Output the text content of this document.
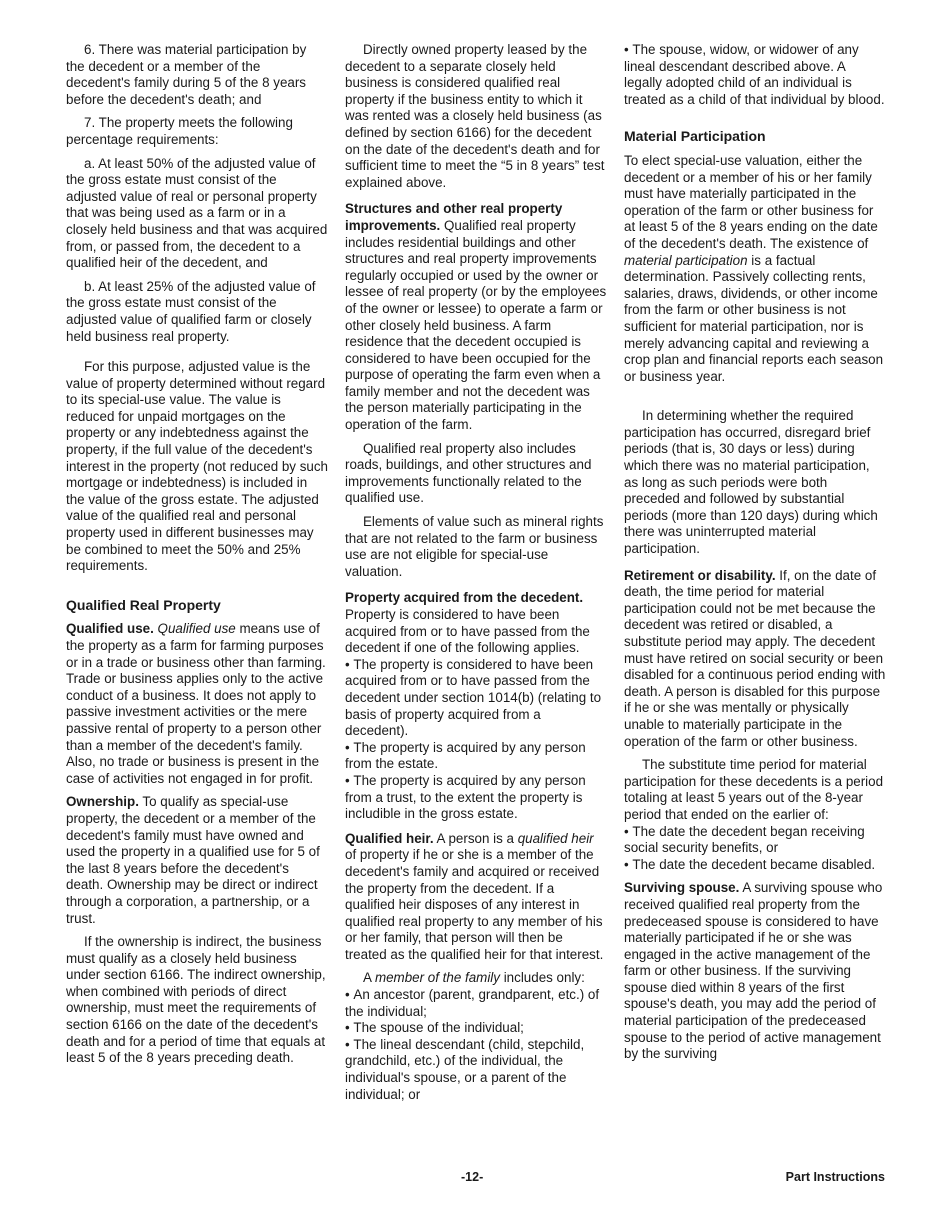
6. There was material participation by the decedent or a member of the decedent's family during 5 of the 8 years before the decedent's death; and

7. The property meets the following percentage requirements:

a. At least 50% of the adjusted value of the gross estate must consist of the adjusted value of real or personal property that was being used as a farm or in a closely held business and that was acquired from, or passed from, the decedent to a qualified heir of the decedent, and

b. At least 25% of the adjusted value of the gross estate must consist of the adjusted value of qualified farm or closely held business real property.

For this purpose, adjusted value is the value of property determined without regard to its special-use value. The value is reduced for unpaid mortgages on the property or any indebtedness against the property, if the full value of the decedent's interest in the property (not reduced by such mortgage or indebtedness) is included in the value of the gross estate. The adjusted value of the qualified real and personal property used in different businesses may be combined to meet the 50% and 25% requirements.

Qualified Real Property

Qualified use. Qualified use means use of the property as a farm for farming purposes or in a trade or business other than farming. Trade or business applies only to the active conduct of a business. It does not apply to passive investment activities or the mere passive rental of property to a person other than a member of the decedent's family. Also, no trade or business is present in the case of activities not engaged in for profit.

Ownership. To qualify as special-use property, the decedent or a member of the decedent's family must have owned and used the property in a qualified use for 5 of the last 8 years before the decedent's death. Ownership may be direct or indirect through a corporation, a partnership, or a trust.

If the ownership is indirect, the business must qualify as a closely held business under section 6166. The indirect ownership, when combined with periods of direct ownership, must meet the requirements of section 6166 on the date of the decedent's death and for a period of time that equals at least 5 of the 8 years preceding death.

Directly owned property leased by the decedent to a separate closely held business is considered qualified real property if the business entity to which it was rented was a closely held business (as defined by section 6166) for the decedent on the date of the decedent's death and for sufficient time to meet the “5 in 8 years” test explained above.

Structures and other real property improvements. Qualified real property includes residential buildings and other structures and real property improvements regularly occupied or used by the owner or lessee of real property (or by the employees of the owner or lessee) to operate a farm or other closely held business. A farm residence that the decedent occupied is considered to have been occupied for the purpose of operating the farm even when a family member and not the decedent was the person materially participating in the operation of the farm.

Qualified real property also includes roads, buildings, and other structures and improvements functionally related to the qualified use.

Elements of value such as mineral rights that are not related to the farm or business use are not eligible for special-use valuation.

Property acquired from the decedent. Property is considered to have been acquired from or to have passed from the decedent if one of the following applies.

• The property is considered to have been acquired from or to have passed from the decedent under section 1014(b) (relating to basis of property acquired from a decedent).

• The property is acquired by any person from the estate.

• The property is acquired by any person from a trust, to the extent the property is includible in the gross estate.

Qualified heir. A person is a qualified heir of property if he or she is a member of the decedent's family and acquired or received the property from the decedent. If a qualified heir disposes of any interest in qualified real property to any member of his or her family, that person will then be treated as the qualified heir for that interest.

A member of the family includes only:

• An ancestor (parent, grandparent, etc.) of the individual;

• The spouse of the individual;

• The lineal descendant (child, stepchild, grandchild, etc.) of the individual, the individual's spouse, or a parent of the individual; or

• The spouse, widow, or widower of any lineal descendant described above. A legally adopted child of an individual is treated as a child of that individual by blood.

Material Participation

To elect special-use valuation, either the decedent or a member of his or her family must have materially participated in the operation of the farm or other business for at least 5 of the 8 years ending on the date of the decedent's death. The existence of material participation is a factual determination. Passively collecting rents, salaries, draws, dividends, or other income from the farm or other business is not sufficient for material participation, nor is merely advancing capital and reviewing a crop plan and financial reports each season or business year.

In determining whether the required participation has occurred, disregard brief periods (that is, 30 days or less) during which there was no material participation, as long as such periods were both preceded and followed by substantial periods (more than 120 days) during which there was uninterrupted material participation.

Retirement or disability. If, on the date of death, the time period for material participation could not be met because the decedent was retired or disabled, a substitute period may apply. The decedent must have retired on social security or been disabled for a continuous period ending with death. A person is disabled for this purpose if he or she was mentally or physically unable to materially participate in the operation of the farm or other business.

The substitute time period for material participation for these decedents is a period totaling at least 5 years out of the 8-year period that ended on the earlier of:

• The date the decedent began receiving social security benefits, or

• The date the decedent became disabled.

Surviving spouse. A surviving spouse who received qualified real property from the predeceased spouse is considered to have materially participated if he or she was engaged in the active management of the farm or other business. If the surviving spouse died within 8 years of the first spouse's death, you may add the period of material participation of the predeceased spouse to the period of active management by the surviving

-12-	Part Instructions
